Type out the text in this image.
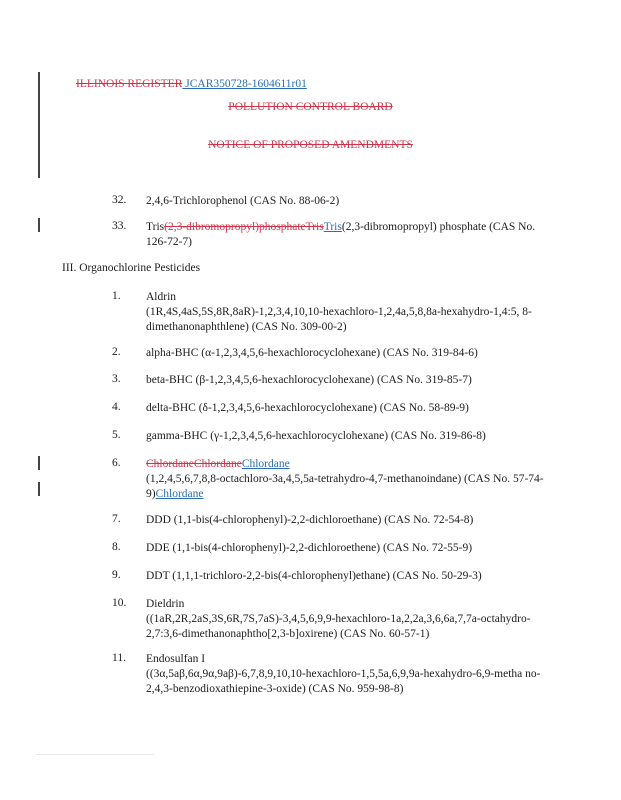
ILLINOIS REGISTER JCAR350728-1604611r01
POLLUTION CONTROL BOARD
NOTICE OF PROPOSED AMENDMENTS
32. 2,4,6-Trichlorophenol (CAS No. 88-06-2)
33. Tris(2,3-dibromopropyl)phosphateTrisTris(2,3-dibromopropyl) phosphate (CAS No. 126-72-7)
III. Organochlorine Pesticides
1. Aldrin
(1R,4S,4aS,5S,8R,8aR)-1,2,3,4,10,10-hexachloro-1,2,4a,5,8,8a-hexahydro-1,4:5, 8-dimethanonaphthlene) (CAS No. 309-00-2)
2. alpha-BHC (α-1,2,3,4,5,6-hexachlorocyclohexane) (CAS No. 319-84-6)
3. beta-BHC (β-1,2,3,4,5,6-hexachlorocyclohexane) (CAS No. 319-85-7)
4. delta-BHC (δ-1,2,3,4,5,6-hexachlorocyclohexane) (CAS No. 58-89-9)
5. gamma-BHC (γ-1,2,3,4,5,6-hexachlorocyclohexane) (CAS No. 319-86-8)
6. ChlordaneChlordaneChlordane
(1,2,4,5,6,7,8,8-octachloro-3a,4,5,5a-tetrahydro-4,7-methanoindane) (CAS No. 57-74-9)Chlordane
7. DDD (1,1-bis(4-chlorophenyl)-2,2-dichloroethane) (CAS No. 72-54-8)
8. DDE (1,1-bis(4-chlorophenyl)-2,2-dichloroethene) (CAS No. 72-55-9)
9. DDT (1,1,1-trichloro-2,2-bis(4-chlorophenyl)ethane) (CAS No. 50-29-3)
10. Dieldrin
((1aR,2R,2aS,3S,6R,7S,7aS)-3,4,5,6,9,9-hexachloro-1a,2,2a,3,6,6a,7,7a-octahydro-2,7:3,6-dimethanonaphtho[2,3-b]oxirene) (CAS No. 60-57-1)
11. Endosulfan I
((3α,5aβ,6α,9α,9aβ)-6,7,8,9,10,10-hexachloro-1,5,5a,6,9,9a-hexahydro-6,9-metha no-2,4,3-benzodioxathiepine-3-oxide) (CAS No. 959-98-8)
